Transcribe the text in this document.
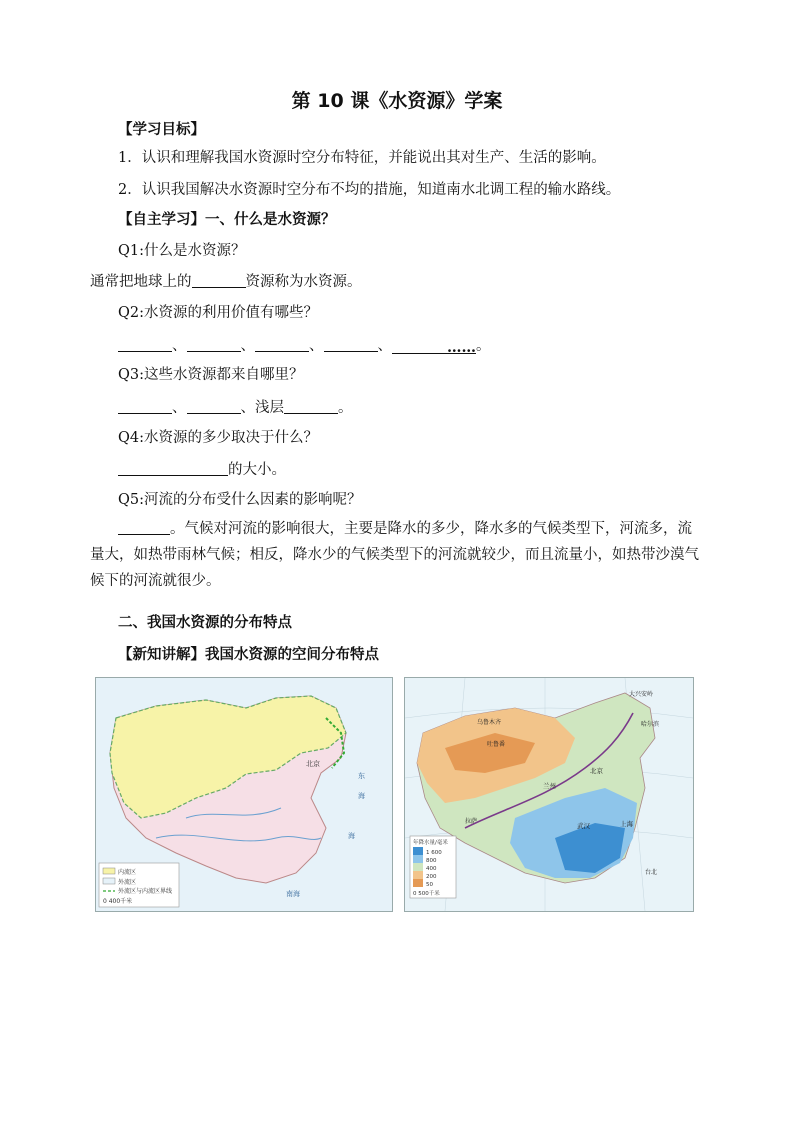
第 10 课《水资源》学案
【学习目标】
1．认识和理解我国水资源时空分布特征，并能说出其对生产、生活的影响。
2．认识我国解决水资源时空分布不均的措施，知道南水北调工程的输水路线。
【自主学习】一、什么是水资源？
Q1:什么是水资源？
通常把地球上的	资源称为水资源。
Q2:水资源的利用价值有哪些？
、	、	、	、	……。
Q3:这些水资源都来自哪里？
、	、浅层	。
Q4:水资源的多少取决于什么？
的大小。
Q5:河流的分布受什么因素的影响呢？
。气候对河流的影响很大，主要是降水的多少，降水多的气候类型下，河流多，流量大，如热带雨林气候；相反，降水少的气候类型下的河流就较少，而且流量小，如热带沙漠气候下的河流就很少。
二、我国水资源的分布特点
【新知讲解】我国水资源的空间分布特点
内流区
外流区
外流区与内流区界线
0 400千米
北京
东
海
海
南海
年降水量/毫米
1 600
800
400
200
50
0 500千米
北京
兰州
武汉	上海
乌鲁木齐
拉萨
哈尔滨
大兴安岭
吐鲁番
台北
